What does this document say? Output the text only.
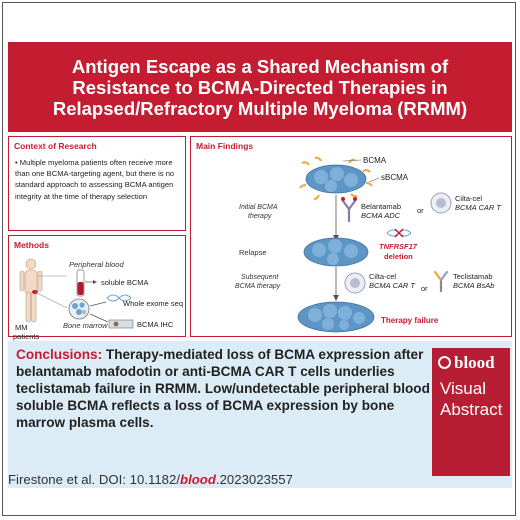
Antigen Escape as a Shared Mechanism of Resistance to BCMA-Directed Therapies in Relapsed/Refractory Multiple Myeloma (RRMM)
Context of Research
• Multiple myeloma patients often receive more than one BCMA-targeting agent, but there is no standard approach to assessing BCMA antigen integrity at the time of therapy selection
Methods
Peripheral blood
soluble BCMA
Bone marrow
Whole exome seq
BCMA IHC
MM
patients
Main Findings
BCMA
sBCMA
Initial BCMA
therapy
Belantamab
BCMA ADC
or
Cilta-cel
BCMA CAR T
Relapse
TNFRSF17
deletion
Subsequent
BCMA therapy
Cilta-cel
BCMA CAR T or
Teclistamab
BCMA BsAb
Therapy failure
Conclusions: Therapy-mediated loss of BCMA expression after belantamab mafodotin or anti-BCMA CAR T cells underlies teclistamab failure in RRMM. Low/undetectable peripheral blood soluble BCMA reflects a loss of BCMA expression by bone marrow plasma cells.
Firestone et al. DOI: 10.1182/blood.2023023557
blood
Visual
Abstract
